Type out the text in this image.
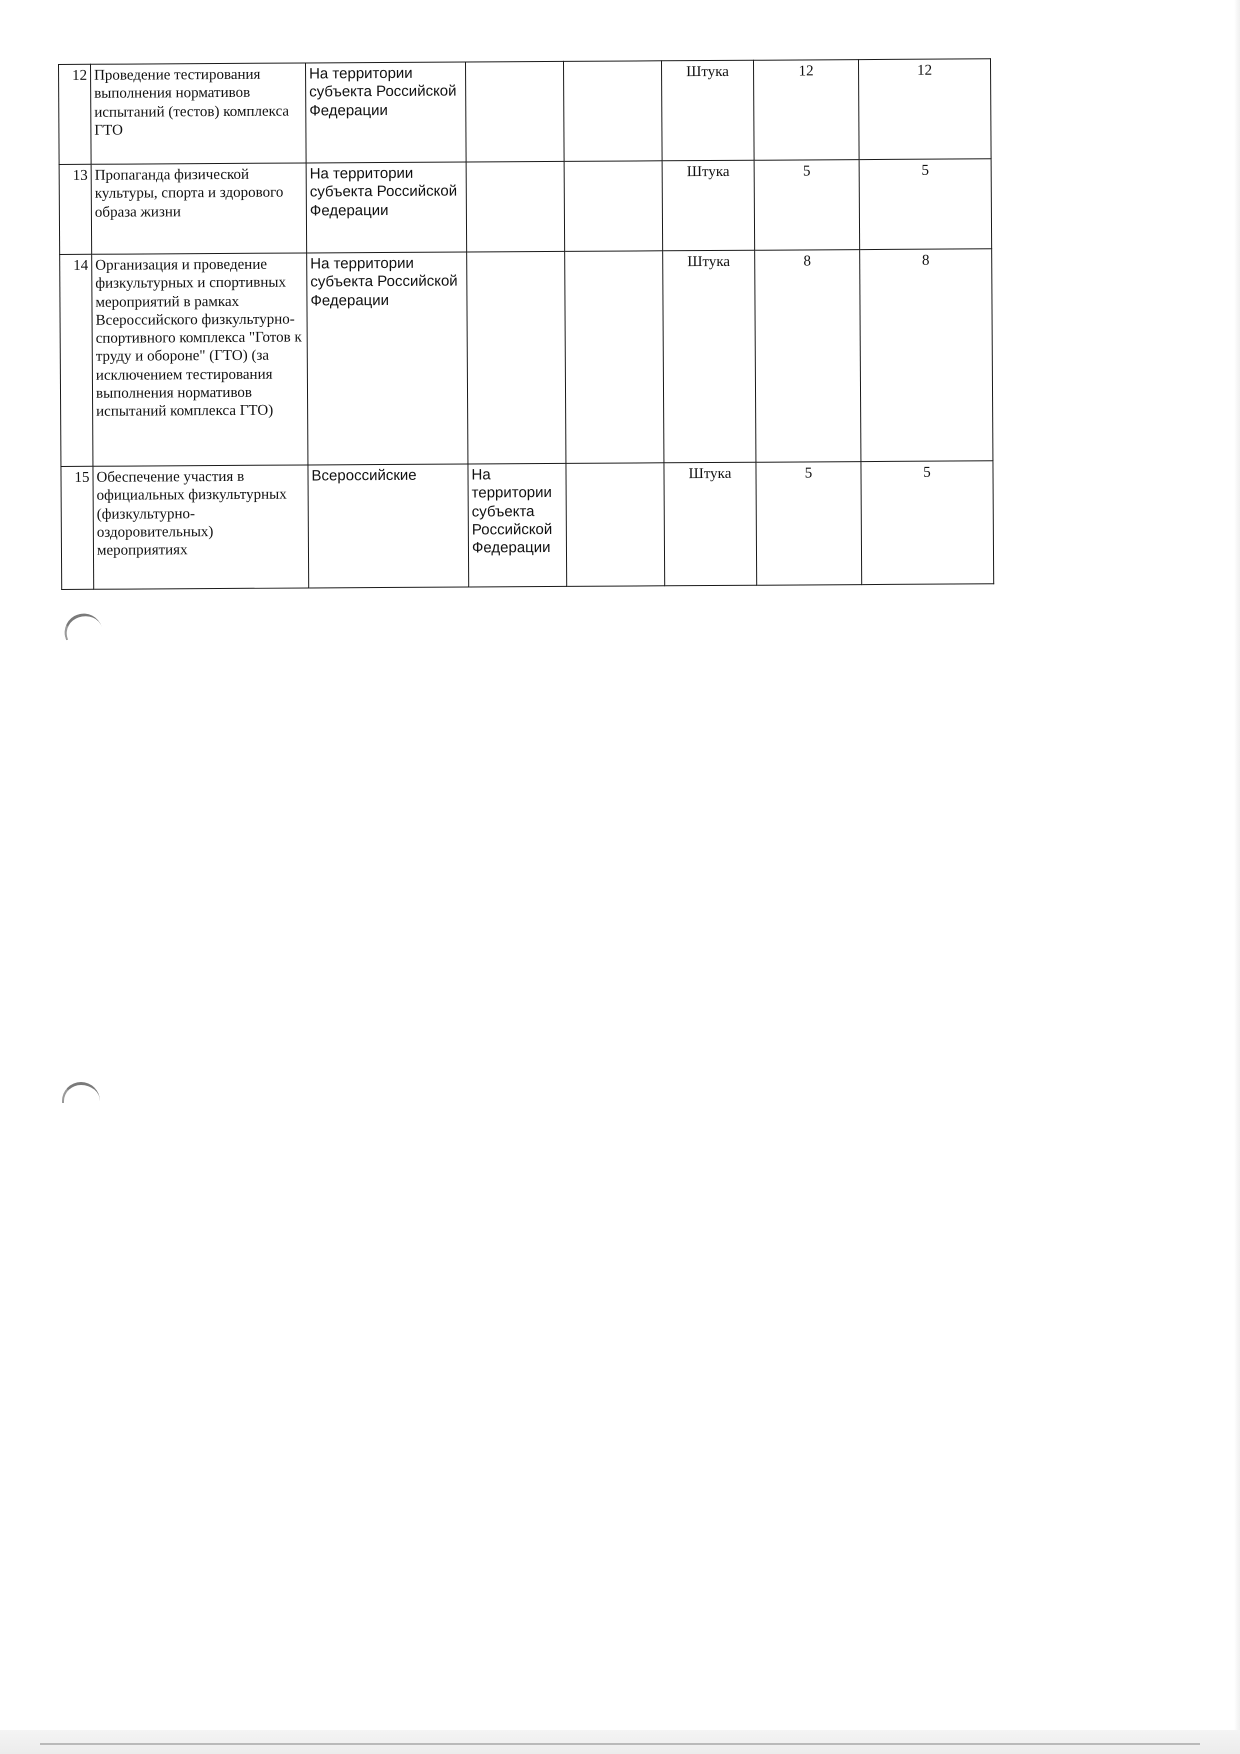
12	Проведение тестирования выполнения нормативов испытаний (тестов) комплекса ГТО	На территории субъекта Российской Федерации			Штука	12	12
13	Пропаганда физической культуры, спорта и здорового образа жизни	На территории субъекта Российской Федерации			Штука	5	5
14	Организация и проведение физкультурных и спортивных мероприятий в рамках Всероссийского физкультурно-спортивного комплекса "Готов к труду и обороне" (ГТО) (за исключением тестирования выполнения нормативов испытаний комплекса ГТО)	На территории субъекта Российской Федерации			Штука	8	8
15	Обеспечение участия в официальных физкультурных (физкультурно-оздоровительных) мероприятиях	Всероссийские	На территории субъекта Российской Федерации		Штука	5	5
